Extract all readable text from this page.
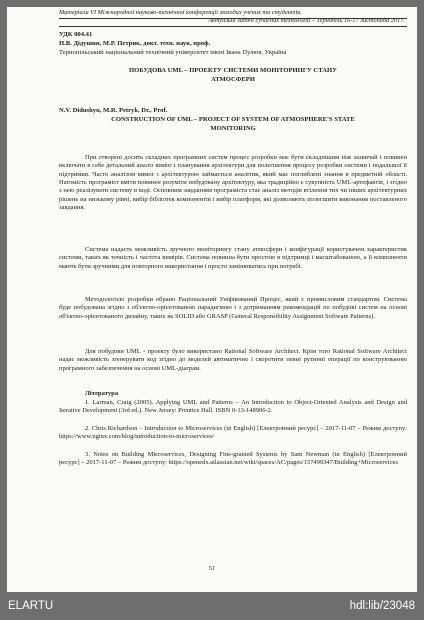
Матеріали VI Міжнародної науково-технічної конференції молодих учених та студентів.
Актуальні задачі сучасних технологій – Тернопіль 16-17 листопада 2017.
УДК 004.41
Н.В. Дідушин, М.Р. Петрик, докт. техн. наук, проф.
Тернопільський національний технічний університет імені Івана Пулюя, Україна
ПОБУДОВА UML – ПРОЕКТУ СИСТЕМИ МОНІТОРИНГУ СТАНУ
АТМОСФЕРИ
N.V. Didushyn, M.R. Petryk, Dr., Prof.
CONSTRUCTION OF UML – PROJECT OF SYSTEM OF ATMOSPHERE'S STATE
MONITORING
При створені досить складних програмних систем процес розробки має бути складнішим ніж зазвичай і повинен включати в себе детальний аналіз вимог і планування архітектури для полегшення процесу розробки системи і подальшої її підтримки. Часто аналізом вимог і архітектурою займається аналітик, який має поглиблені знання в предметній області. Натомість програміст вміти повинен розуміти побудовану архітектуру, яка традиційно є сукупність UML-артефактів, і згідно з нею реалізувати систему в коді. Основним завданням програміста стає аналіз методів втілення тих чи інших архітектурних рішень на низькому рівні, вибір бібліотек компонентів і вибір платформ, які дозволяють полегшити виконання поставленого завдання.
Система надасть можливість зручного моніторингу стану атмосфери і конфігурації користувачем характеристик системи, таких як точність і частота вимірів. Система повинна бути простою в підтримці і масштабованою, а її компоненти мають бути зручними для повторного використання і просто замінюватись при потребі.
Методологією розробки обрано Раціональний Уніфікований Процес, який є промисловим стандартом. Система буде побудована згідно з об'єктно-орієнтованою парадигмою і з дотриманням рекомендацій по побудові систем на основі об'єктно-орієнтованого дизайну, таких як SOLID або GRASP (General Responsibility Assignment Software Patterns).
Для побудови UML - проекту було використано Rational Software Architect. Крім того Rational Software Architect надає можливість згенерувати код згідно до моделей автоматично і скоротити певні рутинні операції по конструюванню програмного забезпечення на основі UML-діаграм.
Література
1. Larman, Craig (2005). Applying UML and Patterns – An Introduction to Object-Oriented Analysis and Design and Iterative Development (3rd ed.). New Jersey: Prentice Hall. ISBN 0-13-148906-2.
2. Chris Richardson – Introduction to Microservices (in English) [Електронний ресурс] – 2017-11-07 – Режим доступу: https://www.nginx.com/blog/introduction-to-microservices/
3. Notes on Building Microservices, Designing Fine-grained Systems by Sam Newman (in English) [Електронний ресурс] – 2017-11-07 – Режим доступу: https://openedx.atlassian.net/wiki/spaces/AC/pages/157499347/Building+Microservices
51
ELARTU	hdl:lib/23048
